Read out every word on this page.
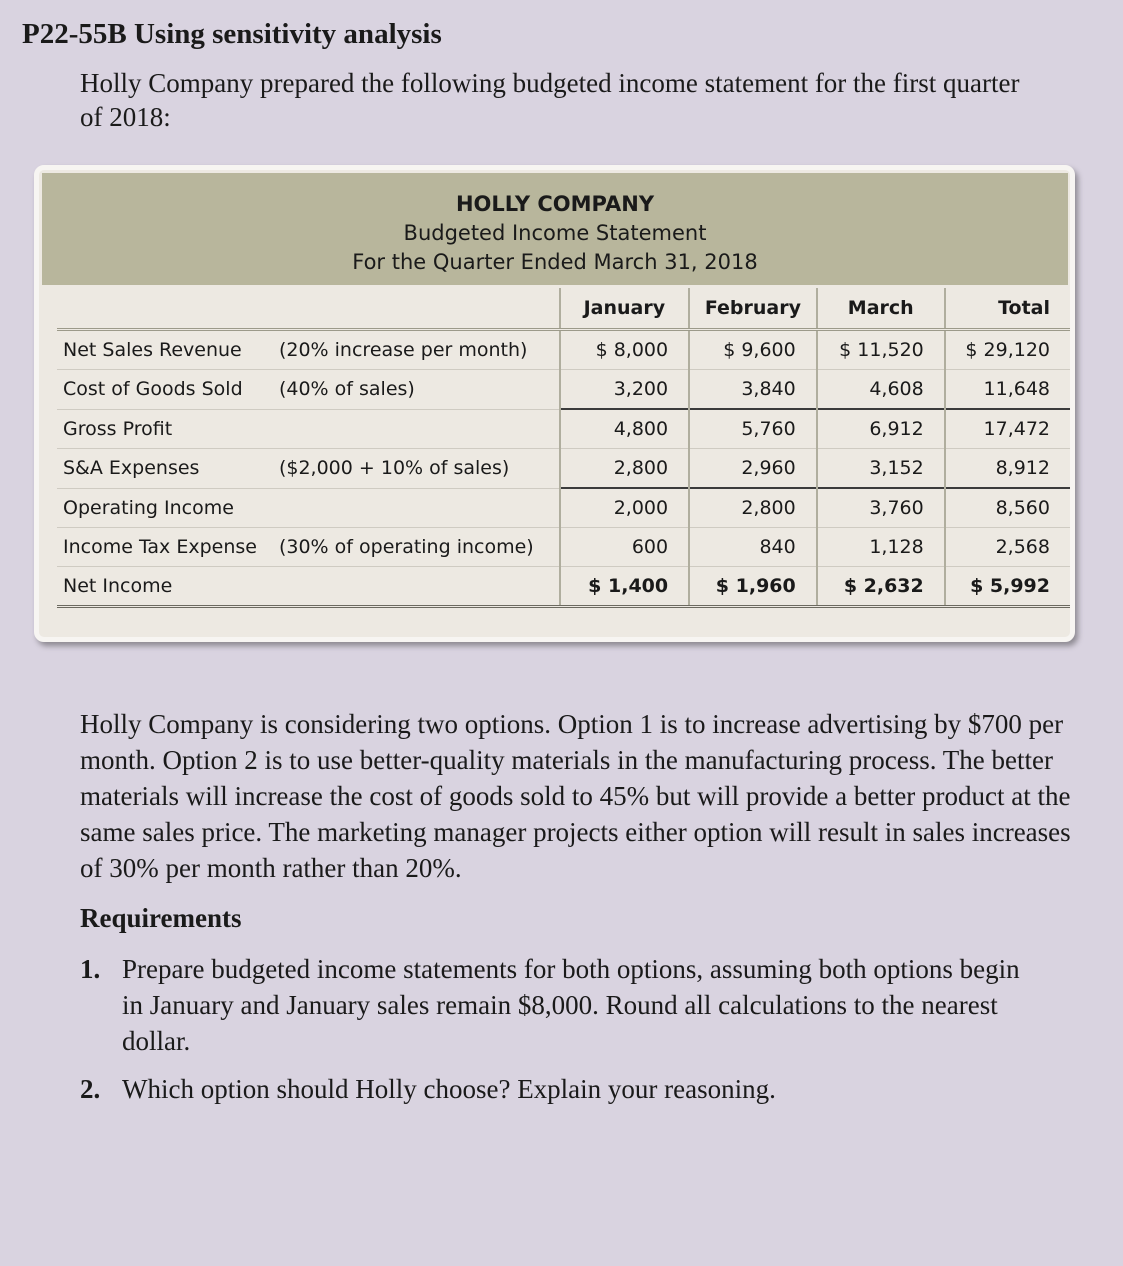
P22-55B Using sensitivity analysis

Holly Company prepared the following budgeted income statement for the first quarter of 2018:

HOLLY COMPANY
Budgeted Income Statement
For the Quarter Ended March 31, 2018
		January	February	March	Total
Net Sales Revenue	(20% increase per month)	$ 8,000	$ 9,600	$ 11,520	$ 29,120
Cost of Goods Sold	(40% of sales)	3,200	3,840	4,608	11,648
Gross Profit		4,800	5,760	6,912	17,472
S&A Expenses	($2,000 + 10% of sales)	2,800	2,960	3,152	8,912
Operating Income		2,000	2,800	3,760	8,560
Income Tax Expense	(30% of operating income)	600	840	1,128	2,568
Net Income		$ 1,400	$ 1,960	$ 2,632	$ 5,992

Holly Company is considering two options. Option 1 is to increase advertising by $700 per month. Option 2 is to use better-quality materials in the manufacturing process. The better materials will increase the cost of goods sold to 45% but will provide a better product at the same sales price. The marketing manager projects either option will result in sales increases of 30% per month rather than 20%.

Requirements
1. Prepare budgeted income statements for both options, assuming both options begin in January and January sales remain $8,000. Round all calculations to the nearest dollar.
2. Which option should Holly choose? Explain your reasoning.
